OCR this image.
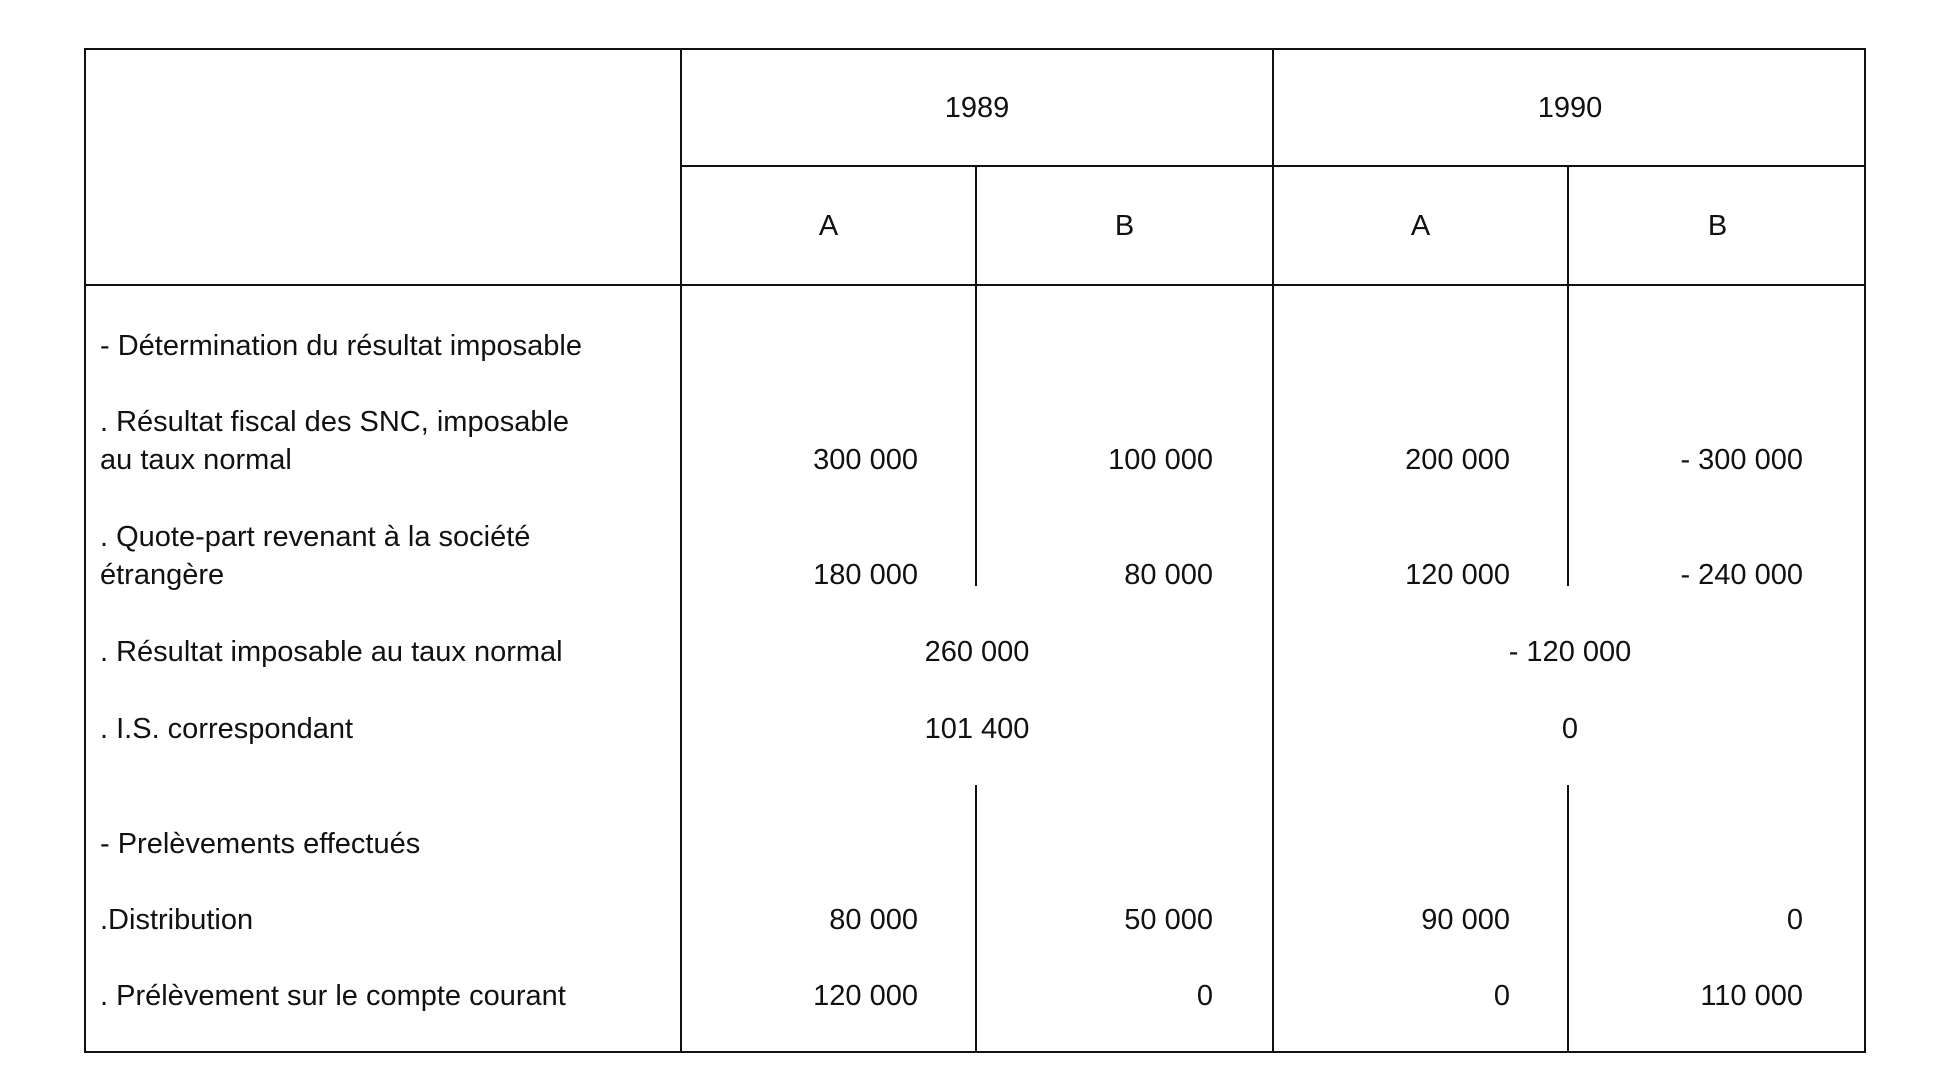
1989	1990
A	B	A	B
- Détermination du résultat imposable
. Résultat fiscal des SNC, imposable
au taux normal	300 000	100 000	200 000	- 300 000
. Quote-part revenant à la société
étrangère	180 000	80 000	120 000	- 240 000
. Résultat imposable au taux normal	260 000	- 120 000
. I.S. correspondant	101 400	0
- Prelèvements effectués
.Distribution	80 000	50 000	90 000	0
. Prélèvement sur le compte courant	120 000	0	0	110 000
